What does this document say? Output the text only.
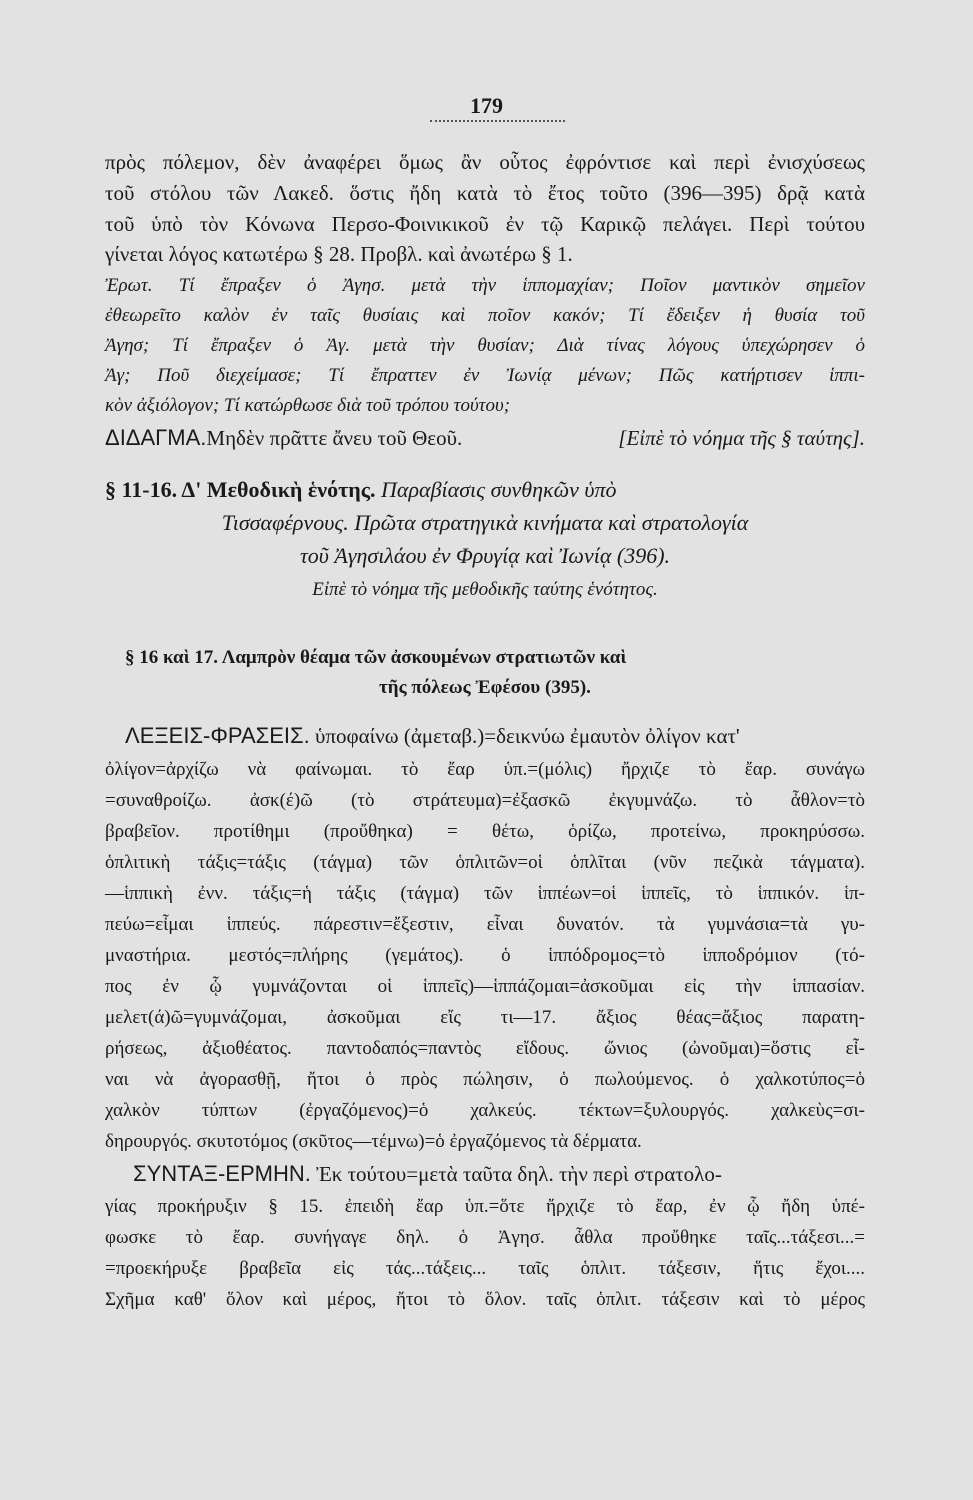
179
πρὸς πόλεμον, δὲν ἀναφέρει ὅμως ἂν οὗτος ἐφρόντισε καὶ περὶ ἐνισχύσεως
τοῦ στόλου τῶν Λακεδ. ὅστις ἤδη κατὰ τὸ ἔτος τοῦτο (396—395) δρᾷ κατὰ
τοῦ ὑπὸ τὸν Κόνωνα Περσο-Φοινικικοῦ ἐν τῷ Καρικῷ πελάγει. Περὶ τούτου
γίνεται λόγος κατωτέρω § 28. Προβλ. καὶ ἀνωτέρω § 1.
Ἐρωτ. Τί ἔπραξεν ὁ Ἀγησ. μετὰ τὴν ἱππομαχίαν; Ποῖον μαντικὸν σημεῖον
ἐθεωρεῖτο καλὸν ἐν ταῖς θυσίαις καὶ ποῖον κακόν; Τί ἔδειξεν ἡ θυσία τοῦ
Ἀγησ; Τί ἔπραξεν ὁ Ἀγ. μετὰ τὴν θυσίαν; Διὰ τίνας λόγους ὑπεχώρησεν ὁ
Ἀγ; Ποῦ διεχείμασε; Τί ἔπραττεν ἐν Ἰωνίᾳ μένων; Πῶς κατήρτισεν ἱππι-
κὸν ἀξιόλογον; Τί κατώρθωσε διὰ τοῦ τρόπου τούτου;
ΔΙΔΑΓΜΑ.Μηδὲν πρᾶττε ἄνευ τοῦ Θεοῦ.	[Εἰπὲ τὸ νόημα τῆς § ταύτης].
§ 11-16. Δ' Μεθοδικὴ ἑνότης. Παραβίασις συνθηκῶν ὑπὸ
Τισσαφέρνους. Πρῶτα στρατηγικὰ κινήματα καὶ στρατολογία
τοῦ Ἀγησιλάου ἐν Φρυγίᾳ καὶ Ἰωνίᾳ (396).
Εἰπὲ τὸ νόημα τῆς μεθοδικῆς ταύτης ἑνότητος.
§ 16 καὶ 17. Λαμπρὸν θέαμα τῶν ἀσκουμένων στρατιωτῶν καὶ
τῆς πόλεως Ἐφέσου (395).
ΛΕΞΕΙΣ-ΦΡΑΣΕΙΣ. ὑποφαίνω (ἀμεταβ.)=δεικνύω ἐμαυτὸν ὀλίγον κατ'
ὀλίγον=ἀρχίζω νὰ φαίνωμαι. τὸ ἔαρ ὑπ.=(μόλις) ἤρχιζε τὸ ἔαρ. συνάγω
=συναθροίζω. ἀσκ(έ)ῶ (τὸ στράτευμα)=ἐξασκῶ ἐκγυμνάζω. τὸ ἆθλον=τὸ
βραβεῖον. προτίθημι (προὔθηκα) = θέτω, ὁρίζω, προτείνω, προκηρύσσω.
ὁπλιτικὴ τάξις=τάξις (τάγμα) τῶν ὁπλιτῶν=οἱ ὁπλῖται (νῦν πεζικὰ τάγματα).
—ἱππικὴ ἐνν. τάξις=ἡ τάξις (τάγμα) τῶν ἱππέων=οἱ ἱππεῖς, τὸ ἱππικόν. ἱπ-
πεύω=εἶμαι ἱππεύς. πάρεστιν=ἔξεστιν, εἶναι δυνατόν. τὰ γυμνάσια=τὰ γυ-
μναστήρια. μεστός=πλήρης (γεμάτος). ὁ ἱππόδρομος=τὸ ἱπποδρόμιον (τό-
πος ἐν ᾧ γυμνάζονται οἱ ἱππεῖς)—ἱππάζομαι=ἀσκοῦμαι εἰς τὴν ἱππασίαν.
μελετ(ά)ῶ=γυμνάζομαι, ἀσκοῦμαι εἴς τι—17. ἄξιος θέας=ἄξιος παρατη-
ρήσεως, ἀξιοθέατος. παντοδαπός=παντὸς εἴδους. ὤνιος (ὠνοῦμαι)=ὅστις εἶ-
ναι νὰ ἀγορασθῇ, ἤτοι ὁ πρὸς πώλησιν, ὁ πωλούμενος. ὁ χαλκοτύπος=ὁ
χαλκὸν τύπτων (ἐργαζόμενος)=ὁ χαλκεύς. τέκτων=ξυλουργός. χαλκεὺς=σι-
δηρουργός. σκυτοτόμος (σκῦτος—τέμνω)=ὁ ἐργαζόμενος τὰ δέρματα.
ΣΥΝΤΑΞ-ΕΡΜΗΝ. Ἐκ τούτου=μετὰ ταῦτα δηλ. τὴν περὶ στρατολο-
γίας προκήρυξιν § 15. ἐπειδὴ ἔαρ ὑπ.=ὅτε ἤρχιζε τὸ ἔαρ, ἐν ᾧ ἤδη ὑπέ-
φωσκε τὸ ἔαρ. συνήγαγε δηλ. ὁ Ἀγησ. ἆθλα προὔθηκε ταῖς...τάξεσι...=
=προεκήρυξε βραβεῖα εἰς τάς...τάξεις... ταῖς ὁπλιτ. τάξεσιν, ἥτις ἔχοι....
Σχῆμα καθ' ὅλον καὶ μέρος, ἤτοι τὸ ὅλον. ταῖς ὁπλιτ. τάξεσιν καὶ τὸ μέρος
